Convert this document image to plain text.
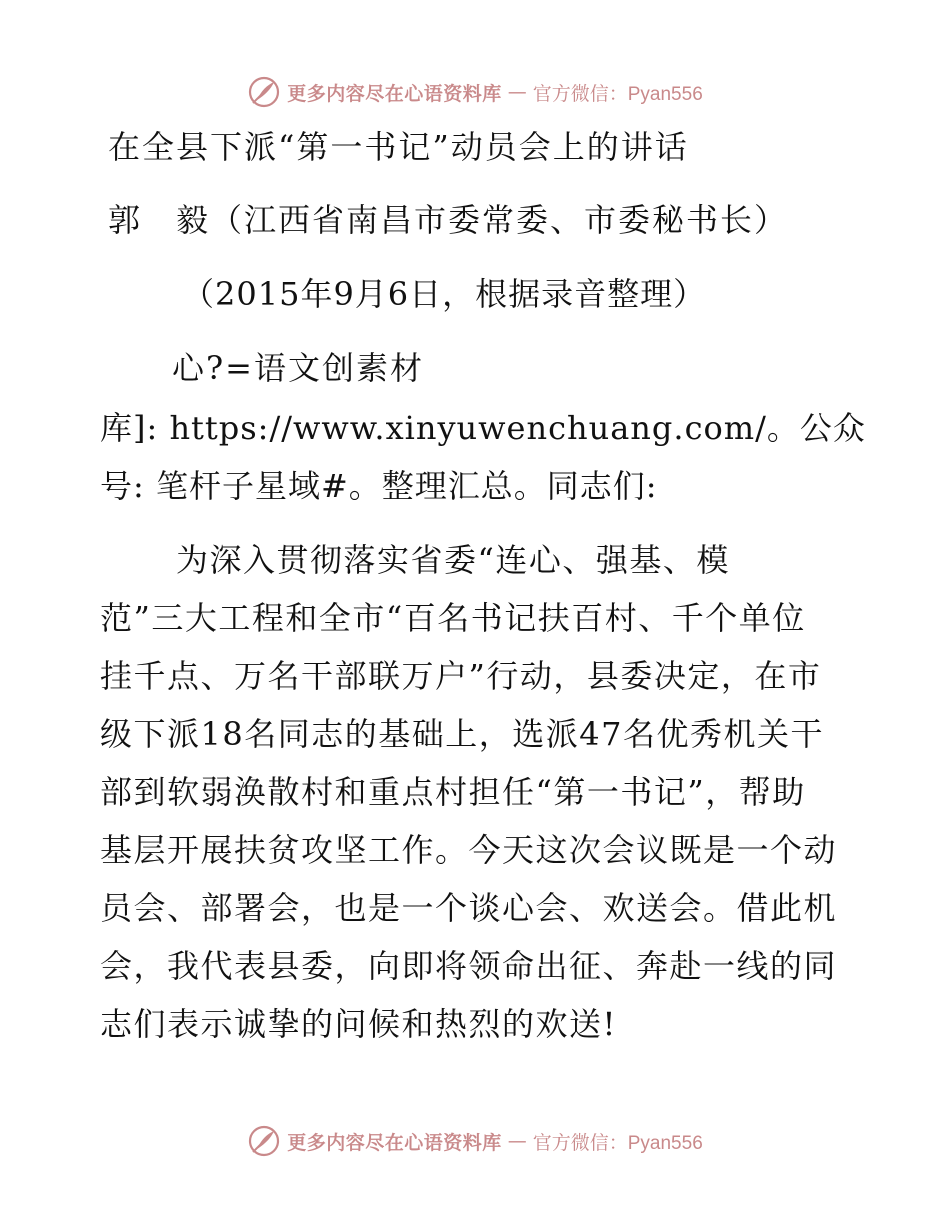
更多内容尽在心语资料库 — 官方微信：Pyan556
在全县下派“第一书记”动员会上的讲话
郭　毅（江西省南昌市委常委、市委秘书长）
（2015年9月6日，根据录音整理）
心?=语文创素材
库]: https://www.xinyuwenchuang.com/。公众
号: 笔杆子星域#。整理汇总。同志们:
为深入贯彻落实省委“连心、强基、模
范”三大工程和全市“百名书记扶百村、千个单位
挂千点、万名干部联万户”行动，县委决定，在市
级下派18名同志的基础上，选派47名优秀机关干
部到软弱涣散村和重点村担任“第一书记”，帮助
基层开展扶贫攻坚工作。今天这次会议既是一个动
员会、部署会，也是一个谈心会、欢送会。借此机
会，我代表县委，向即将领命出征、奔赴一线的同
志们表示诚挚的问候和热烈的欢送!
更多内容尽在心语资料库 — 官方微信：Pyan556
